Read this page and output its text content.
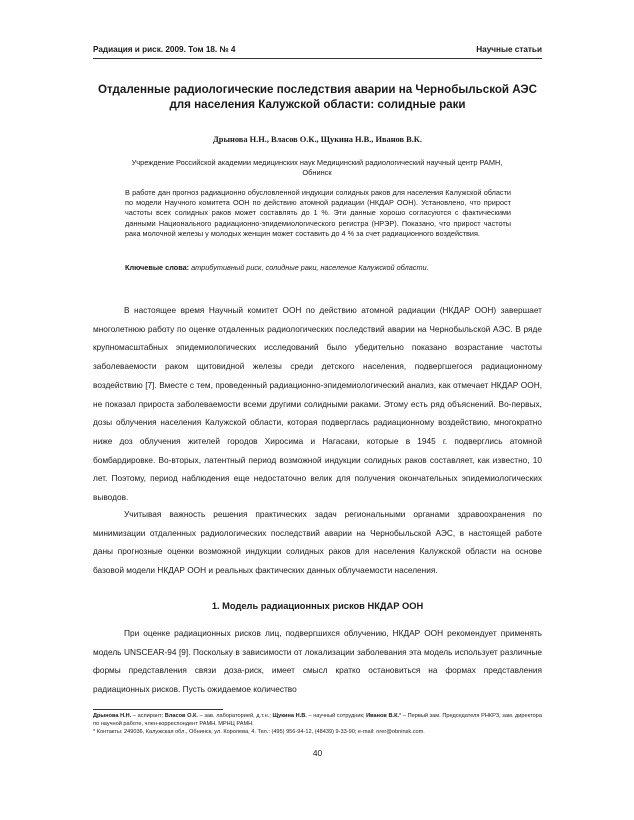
Радиация и риск. 2009. Том 18. № 4	Научные статьи
Отдаленные радиологические последствия аварии на Чернобыльской АЭС для населения Калужской области: солидные раки
Дрынова Н.Н., Власов О.К., Щукина Н.В., Иванов В.К.
Учреждение Российской академии медицинских наук Медицинский радиологический научный центр РАМН, Обнинск
В работе дан прогноз радиационно обусловленной индукции солидных раков для населения Калужской области по модели Научного комитета ООН по действию атомной радиации (НКДАР ООН). Установлено, что прирост частоты всех солидных раков может составлять до 1 %. Эти данные хорошо согласуются с фактическими данными Национального радиационно-эпидемиологического регистра (НРЭР). Показано, что прирост частоты рака молочной железы у молодых женщин может составить до 4 % за счет радиационного воздействия.
Ключевые слова: атрибутивный риск, солидные раки, население Калужской области.

В настоящее время Научный комитет ООН по действию атомной радиации (НКДАР ООН) завершает многолетнюю работу по оценке отдаленных радиологических последствий аварии на Чернобыльской АЭС. В ряде крупномасштабных эпидемиологических исследований было убедительно показано возрастание частоты заболеваемости раком щитовидной железы среди детского населения, подвергшегося радиационному воздействию [7]. Вместе с тем, проведенный радиационно-эпидемиологический анализ, как отмечает НКДАР ООН, не показал прироста заболеваемости всеми другими солидными раками. Этому есть ряд объяснений. Во-первых, дозы облучения населения Калужской области, которая подверглась радиационному воздействию, многократно ниже доз облучения жителей городов Хиросима и Нагасаки, которые в 1945 г. подверглись атомной бомбардировке. Во-вторых, латентный период возможной индукции солидных раков составляет, как известно, 10 лет. Поэтому, период наблюдения еще недостаточно велик для получения окончательных эпидемиологических выводов.

Учитывая важность решения практических задач региональными органами здравоохранения по минимизации отдаленных радиологических последствий аварии на Чернобыльской АЭС, в настоящей работе даны прогнозные оценки возможной индукции солидных раков для населения Калужской области на основе базовой модели НКДАР ООН и реальных фактических данных облучаемости населения.

1. Модель радиационных рисков НКДАР ООН

При оценке радиационных рисков лиц, подвергшихся облучению, НКДАР ООН рекомендует применять модель UNSCEAR-94 [9]. Поскольку в зависимости от локализации заболевания эта модель использует различные формы представления связи доза-риск, имеет смысл кратко остановиться на формах представления радиационных рисков. Пусть ожидаемое количество

Дрынова Н.Н. – аспирант; Власов О.К. – зав. лабораторией, д.т.н.; Щукина Н.В. – научный сотрудник; Иванов В.К.* – Первый зам. Председателя РНКРЗ, зам. директора по научной работе, член-корреспондент РАМН. МРНЦ РАМН.
* Контакты: 249036, Калужская обл., Обнинск, ул. Королева, 4. Тел.: (495) 956-94-12, (48439) 9-33-90; e-mail: nrer@obninsk.com.
40
